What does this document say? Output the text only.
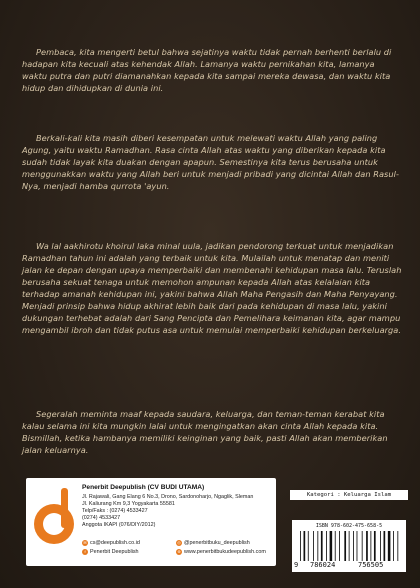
Pembaca, kita mengerti betul bahwa sejatinya waktu tidak pernah berhenti berlalu di hadapan kita kecuali atas kehendak Allah. Lamanya waktu pernikahan kita, lamanya waktu putra dan putri diamanahkan kepada kita sampai mereka dewasa, dan waktu kita hidup dan dihidupkan di dunia ini.

Berkali-kali kita masih diberi kesempatan untuk melewati waktu Allah yang paling Agung, yaitu waktu Ramadhan. Rasa cinta Allah atas waktu yang diberikan kepada kita sudah tidak layak kita duakan dengan apapun. Semestinya kita terus berusaha untuk menggunakkan waktu yang Allah beri untuk menjadi pribadi yang dicintai Allah dan Rasul-Nya, menjadi hamba qurrota 'ayun.

Wa lal aakhirotu khoirul laka minal uula, jadikan pendorong terkuat untuk menjadikan Ramadhan tahun ini adalah yang terbaik untuk kita. Mulailah untuk menatap dan meniti jalan ke depan dengan upaya memperbaiki dan membenahi kehidupan masa lalu. Teruslah berusaha sekuat tenaga untuk memohon ampunan kepada Allah atas kelalaian kita terhadap amanah kehidupan ini, yakini bahwa Allah Maha Pengasih dan Maha Penyayang. Menjadi prinsip bahwa hidup akhirat lebih baik dari pada kehidupan di masa lalu, yakini dukungan terhebat adalah dari Sang Pencipta dan Pemelihara keimanan kita, agar mampu mengambil ibroh dan tidak putus asa untuk memulai memperbaiki kehidupan berkeluarga.

Segeralah meminta maaf kepada saudara, keluarga, dan teman-teman kerabat kita kalau selama ini kita mungkin lalai untuk mengingatkan akan cinta Allah kepada kita. Bismillah, ketika hambanya memiliki keinginan yang baik, pasti Allah akan memberikan jalan keluarnya.

Penerbit Deepublish (CV BUDI UTAMA)
Jl. Rajawali, Gang Elang 6 No.3, Drono, Sardonoharjo, Ngaglik, Sleman
Jl. Kaliurang Km 9,3 Yogyakarta 55581
Telp/Faks : (0274) 4533427
(0274) 4533427
Anggota IKAPI (076/DIY/2012)
✉ cs@deepublish.co.id	◎ @penerbitbuku_deepublish
f Penerbit Deepublish	⊕ www.penerbitbukudeepublish.com
Kategori : Keluarga Islam
ISBN 978-602-475-658-5
9 786024	756505
